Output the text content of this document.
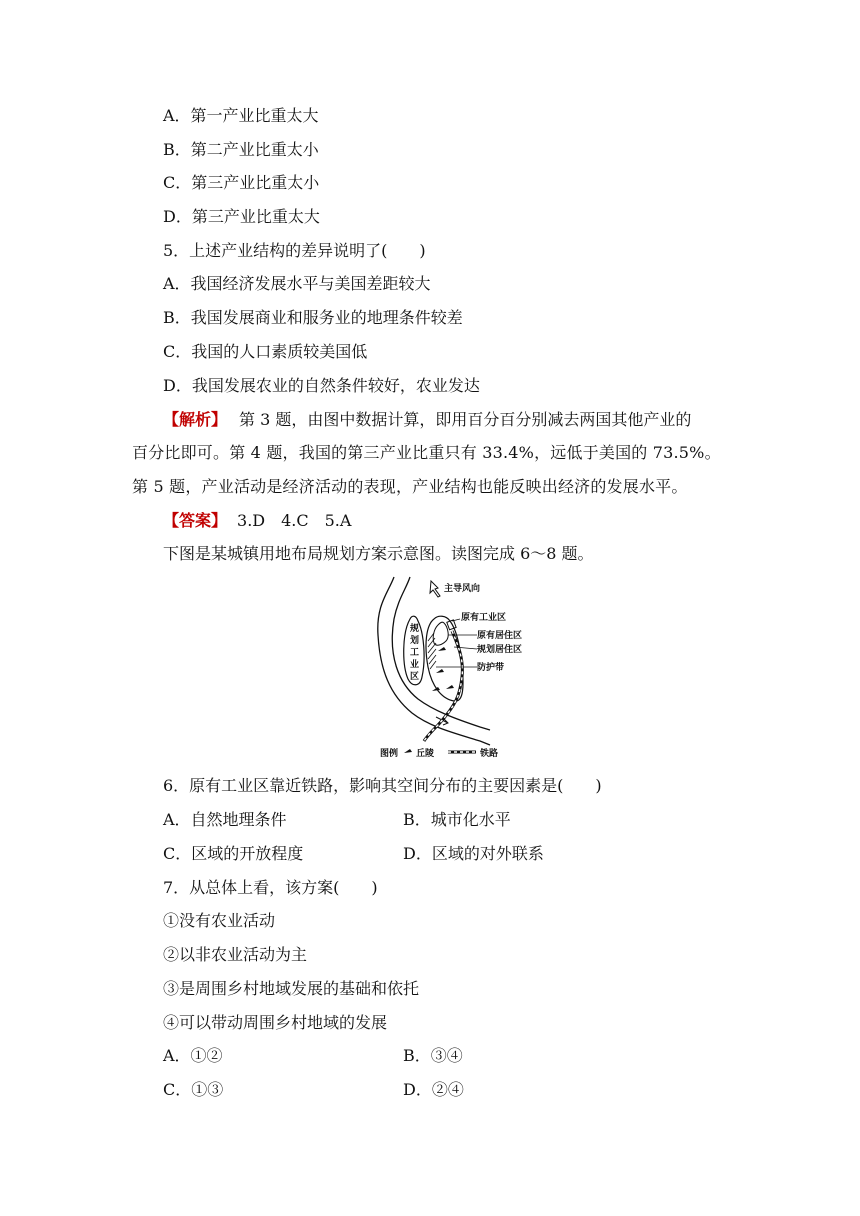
A．第一产业比重太大
B．第二产业比重太小
C．第三产业比重太小
D．第三产业比重太大
5．上述产业结构的差异说明了(　　)
A．我国经济发展水平与美国差距较大
B．我国发展商业和服务业的地理条件较差
C．我国的人口素质较美国低
D．我国发展农业的自然条件较好，农业发达
【解析】 第 3 题，由图中数据计算，即用百分百分别减去两国其他产业的
百分比即可。第 4 题，我国的第三产业比重只有 33.4%，远低于美国的 73.5%。
第 5 题，产业活动是经济活动的表现，产业结构也能反映出经济的发展水平。
【答案】 3.D　4.C　5.A
下图是某城镇用地布局规划方案示意图。读图完成 6～8 题。
主导风向
规
划
工
业
区
原有工业区
原有居住区
规划居住区
防护带
图例 丘陵	铁路
6．原有工业区靠近铁路，影响其空间分布的主要因素是(　　)
A．自然地理条件	B．城市化水平
C．区域的开放程度	D．区域的对外联系
7．从总体上看，该方案(　　)
①没有农业活动
②以非农业活动为主
③是周围乡村地域发展的基础和依托
④可以带动周围乡村地域的发展
A．①②	B．③④
C．①③	D．②④
